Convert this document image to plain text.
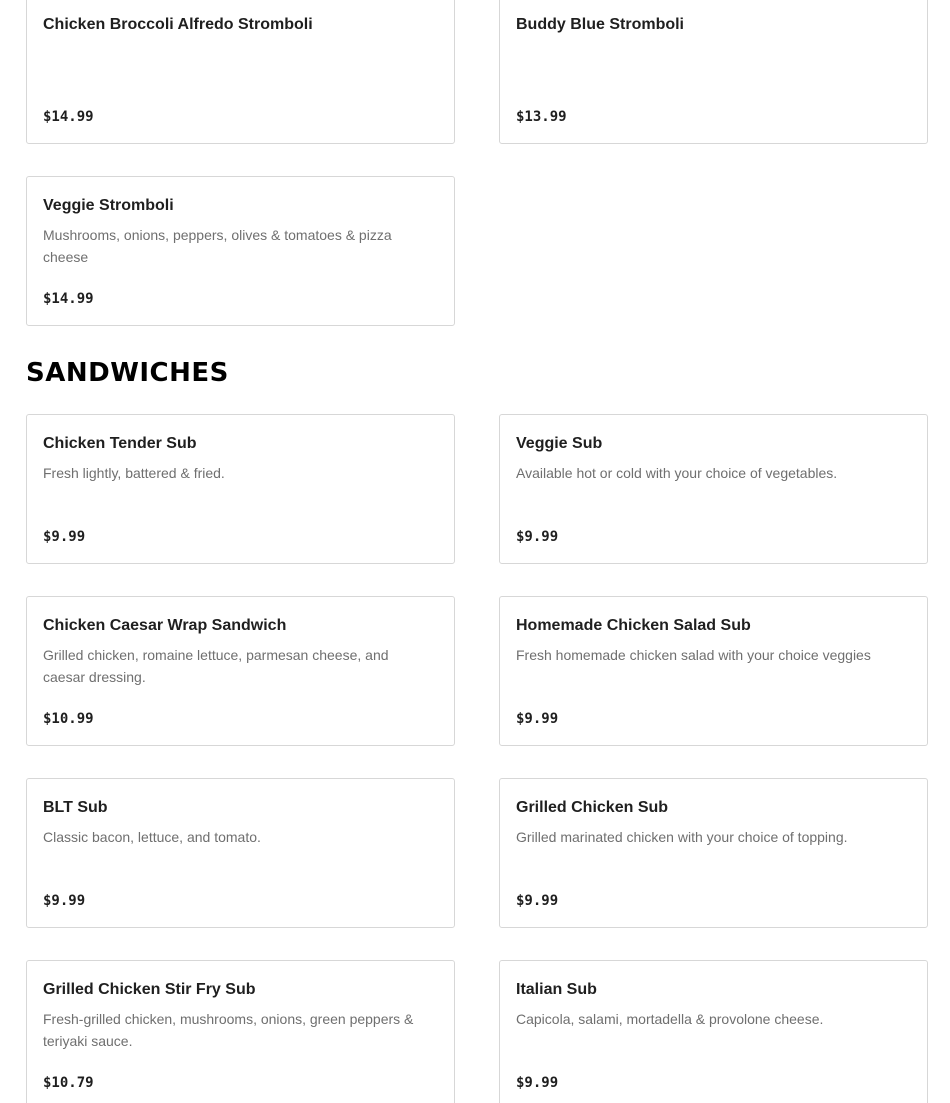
Chicken Broccoli Alfredo Stromboli
$14.99
Buddy Blue Stromboli
$13.99
Veggie Stromboli
Mushrooms, onions, peppers, olives & tomatoes & pizza cheese
$14.99
SANDWICHES
Chicken Tender Sub
Fresh lightly, battered & fried.
$9.99
Veggie Sub
Available hot or cold with your choice of vegetables.
$9.99
Chicken Caesar Wrap Sandwich
Grilled chicken, romaine lettuce, parmesan cheese, and caesar dressing.
$10.99
Homemade Chicken Salad Sub
Fresh homemade chicken salad with your choice veggies
$9.99
BLT Sub
Classic bacon, lettuce, and tomato.
$9.99
Grilled Chicken Sub
Grilled marinated chicken with your choice of topping.
$9.99
Grilled Chicken Stir Fry Sub
Fresh-grilled chicken, mushrooms, onions, green peppers & teriyaki sauce.
$10.79
Italian Sub
Capicola, salami, mortadella & provolone cheese.
$9.99
